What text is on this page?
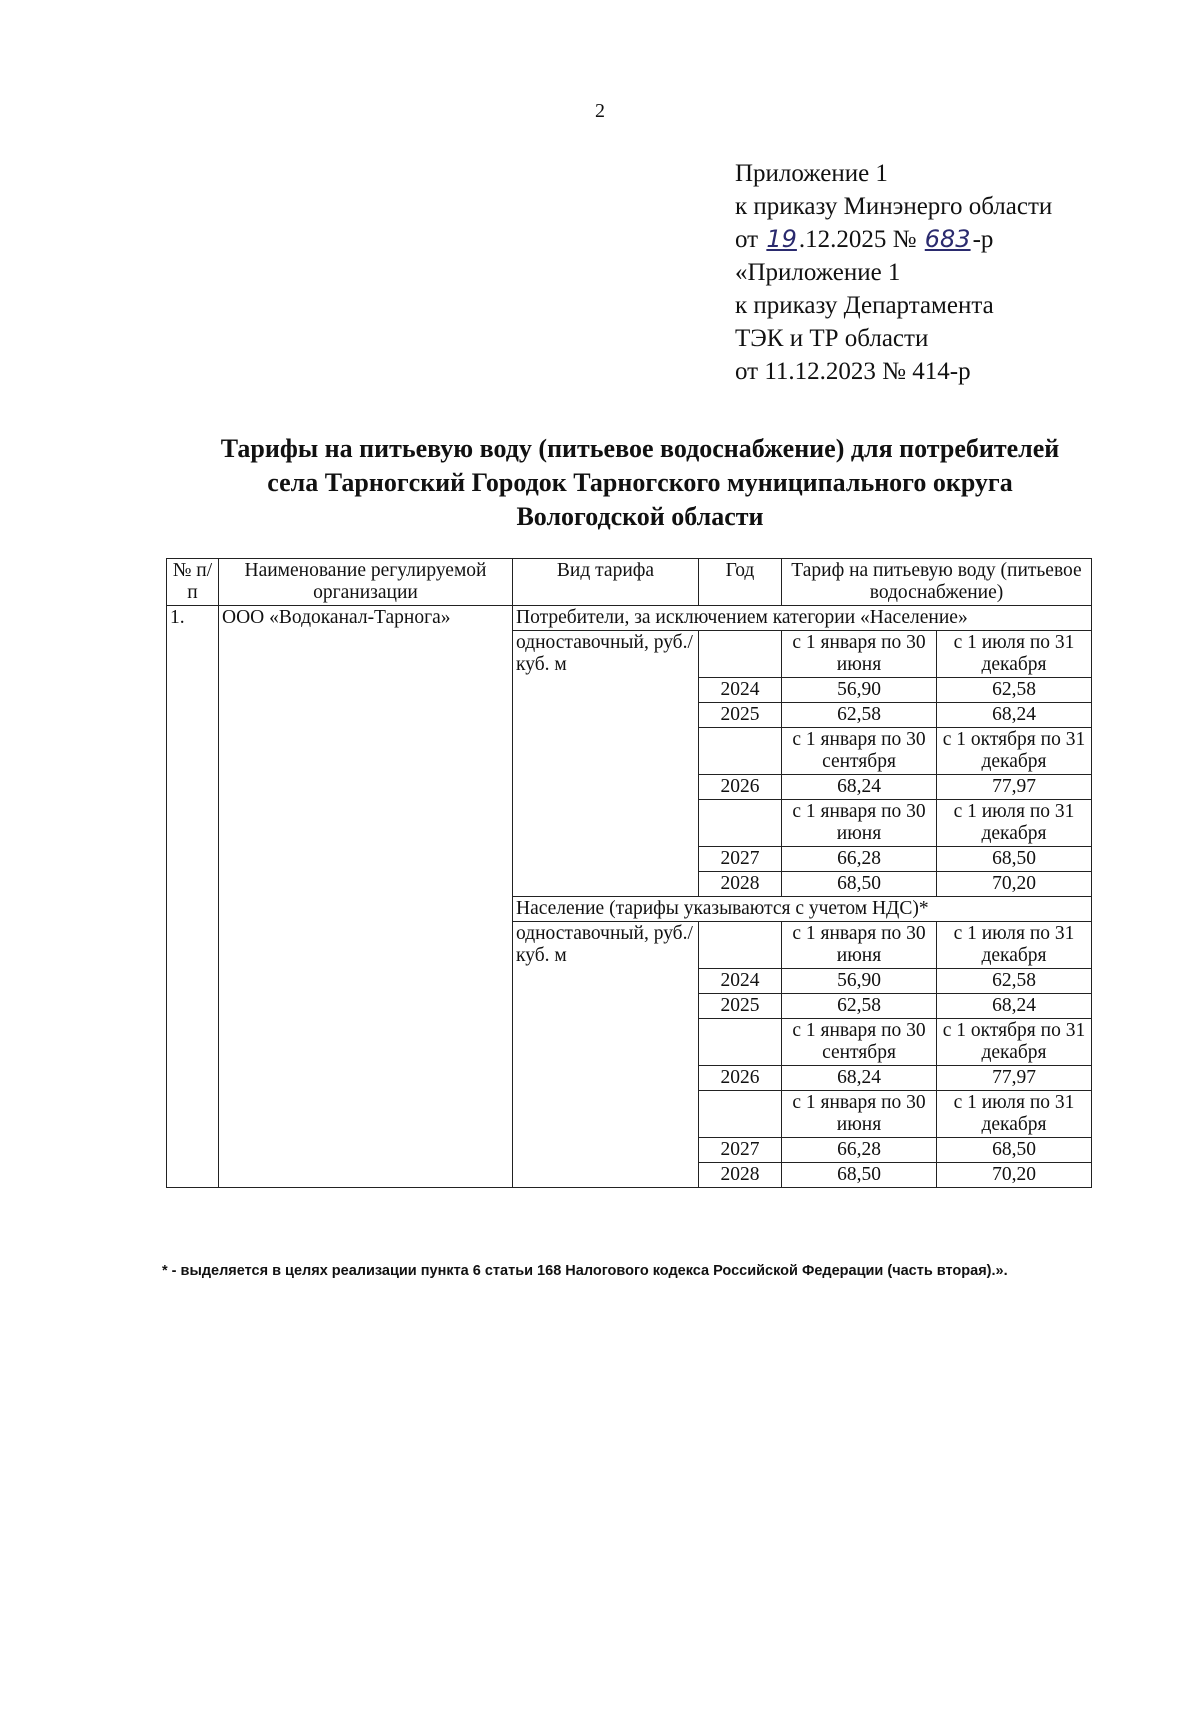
2
Приложение 1
к приказу Минэнерго области
от 19.12.2025 № 683-р
«Приложение 1
к приказу Департамента
ТЭК и ТР области
от 11.12.2023 № 414-р
Тарифы на питьевую воду (питьевое водоснабжение) для потребителей
села Тарногский Городок Тарногского муниципального округа
Вологодской области
№ п/п	Наименование регулируемой организации	Вид тарифа	Год	Тариф на питьевую воду (питьевое водоснабжение)	
1.	ООО «Водоканал-Тарнога»	Потребители, за исключением категории «Население»			
		одноставочный, руб./куб. м		с 1 января по 30 июня	с 1 июля по 31 декабря
			2024	56,90	62,58
			2025	62,58	68,24
				с 1 января по 30 сентября	с 1 октября по 31 декабря
			2026	68,24	77,97
				с 1 января по 30 июня	с 1 июля по 31 декабря
			2027	66,28	68,50
			2028	68,50	70,20
		Население (тарифы указываются с учетом НДС)*			
		одноставочный, руб./куб. м		с 1 января по 30 июня	с 1 июля по 31 декабря
			2024	56,90	62,58
			2025	62,58	68,24
				с 1 января по 30 сентября	с 1 октября по 31 декабря
			2026	68,24	77,97
				с 1 января по 30 июня	с 1 июля по 31 декабря
			2027	66,28	68,50
			2028	68,50	70,20
* - выделяется в целях реализации пункта 6 статьи 168 Налогового кодекса Российской Федерации (часть вторая).».
